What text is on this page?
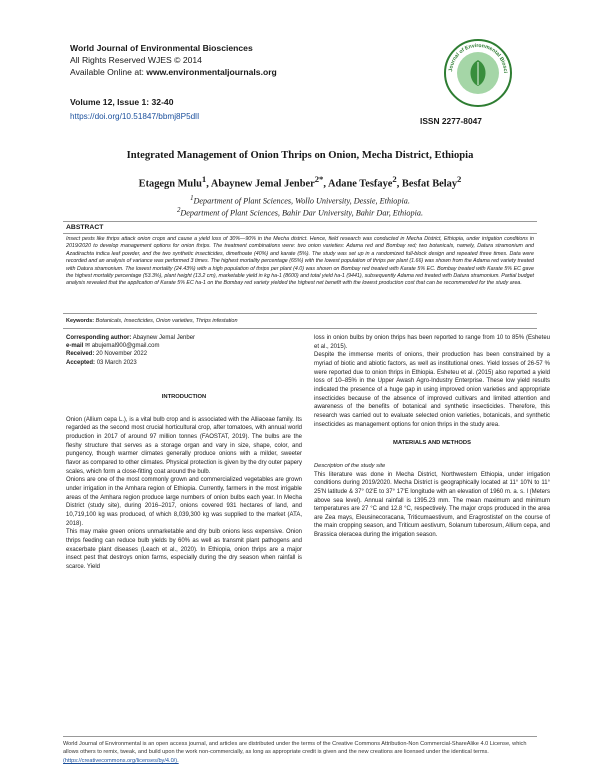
World Journal of Environmental Biosciences
All Rights Reserved WJES © 2014
Available Online at: www.environmentaljournals.org
Volume 12, Issue 1: 32-40
https://doi.org/10.51847/bbmj8P5dlI	ISSN 2277-8047
Journal of Environmental Biosci
Integrated Management of Onion Thrips on Onion, Mecha District, Ethiopia
Etagegn Mulu$^1$, Abaynew Jemal Jenber$^{2*}$, Adane Tesfaye$^2$, Besfat Belay$^2$
$^1$Department of Plant Sciences, Wollo University, Dessie, Ethiopia.
$^2$Department of Plant Sciences, Bahir Dar University, Bahir Dar, Ethiopia.
ABSTRACT
Insect pests like thrips attack onion crops and cause a yield loss of 30%—90% in the Mecha district. Hence, field research was conducted in Mecha District, Ethiopia, under irrigation conditions in 2019/2020 to develop management options for onion thrips. The treatment combinations were: two onion varieties: Adama red and Bombay red; two botanicals, namely, Datura stramonium and Azadirachta indica leaf powder, and the two synthetic insecticides, dimethoate (40%) and karate (5%). The study was set up in a randomized full-block design and repeated three times. Data were recorded and an analysis of variance was performed 3 times. The highest mortality percentage (65%) with the lowest population of thrips per plant (1.66) was shown from the Adama red variety treated with Datura stramonium. The lowest mortality (24.43%) with a high population of thrips per plant (4.0) was shown on Bombay red treated with Karate 5% EC. Bombay treated with Karate 5% EC gave the highest mortality percentage (53.3%), plant height (13.2 cm), marketable yield in kg ha-1 (8600) and total yield ha-1 (9441), subsequently Adama red treated with Datura stramonium. Partial budget analysis revealed that the application of Karate 5% EC ha-1 on the Bombay red variety yielded the highest net benefit with the lowest production cost that can be recommended for the study area.
Keywords: Botanicals, Insecticides, Onion varieties, Thrips infestation
Corresponding author: Abaynew Jemal Jenber
e-mail ✉ abujemal900@gmail.com
Received: 20 November 2022
Accepted: 03 March 2023
INTRODUCTION

Onion (Allium cepa L.), is a vital bulb crop and is associated with the Alliaceae family. Its regarded as the second most crucial horticultural crop, after tomatoes, with annual world production in 2017 of around 97 million tonnes (FAOSTAT, 2019). The bulbs are the fleshy structure that serves as a storage organ and vary in size, shape, color, and pungency, though warmer climates generally produce onions with a milder, sweeter flavor as compared to other climates. Physical protection is given by the dry outer papery scales, which form a close-fitting coat around the bulb.

Onions are one of the most commonly grown and commercialized vegetables are grown under irrigation in the Amhara region of Ethiopia. Currently, farmers in the most irrigable areas of the Amhara region produce large numbers of onion bulbs each year. In Mecha District (study site), during 2016–2017, onions covered 931 hectares of land, and 10,719,100 kg was produced, of which 8,039,300 kg was supplied to the market (ATA, 2018).

This may make green onions unmarketable and dry bulb onions less expensive. Onion thrips feeding can reduce bulb yields by 60% as well as transmit plant pathogens and exacerbate plant diseases (Leach et al., 2020). In Ethiopia, onion thrips are a major insect pest that destroys onion farms, especially during the dry season when rainfall is scarce. Yield

loss in onion bulbs by onion thrips has been reported to range from 10 to 85% (Esheteu et al., 2015).

Despite the immense merits of onions, their production has been constrained by a myriad of biotic and abiotic factors, as well as institutional ones. Yield losses of 26-57 % were reported due to onion thrips in Ethiopia. Esheteu et al. (2015) also reported a yield loss of 10–85% in the Upper Awash Agro-Industry Enterprise. These low yield results indicated the presence of a huge gap in using improved onion varieties and appropriate insecticides because of the absence of improved cultivars and limited attention and awareness of the benefits of botanical and synthetic insecticides. Therefore, this research was carried out to evaluate selected onion varieties, botanicals, and synthetic insecticides as management options for onion thrips in the study area.

MATERIALS AND METHODS
Description of the study site

This literature was done in Mecha District, Northwestern Ethiopia, under irrigation conditions during 2019/2020. Mecha District is geographically located at 11° 10'N to 11° 25'N latitude & 37° 02'E to 37° 17'E longitude with an elevation of 1960 m. a. s. l (Meters above sea level). Annual rainfall is 1395.23 mm. The mean maximum and minimum temperatures are 27 °C and 12.8 °C, respectively. The major crops produced in the area are Zea mays, Eleusinecoracana, Triticumaestivum, and Eragrostistef on the course of the main cropping season, and Triticum aestivum, Solanum tuberosum, Allium cepa, and Brassica oleracea during the irrigation season.

World Journal of Environmental is an open access journal, and articles are distributed under the terms of the Creative Commons Attribution-Non Commercial-ShareAlike 4.0 License, which allows others to remix, tweak, and build upon the work non-commercially, as long as appropriate credit is given and the new creations are licensed under the identical terms. (https://creativecommons.org/licenses/by/4.0/).
